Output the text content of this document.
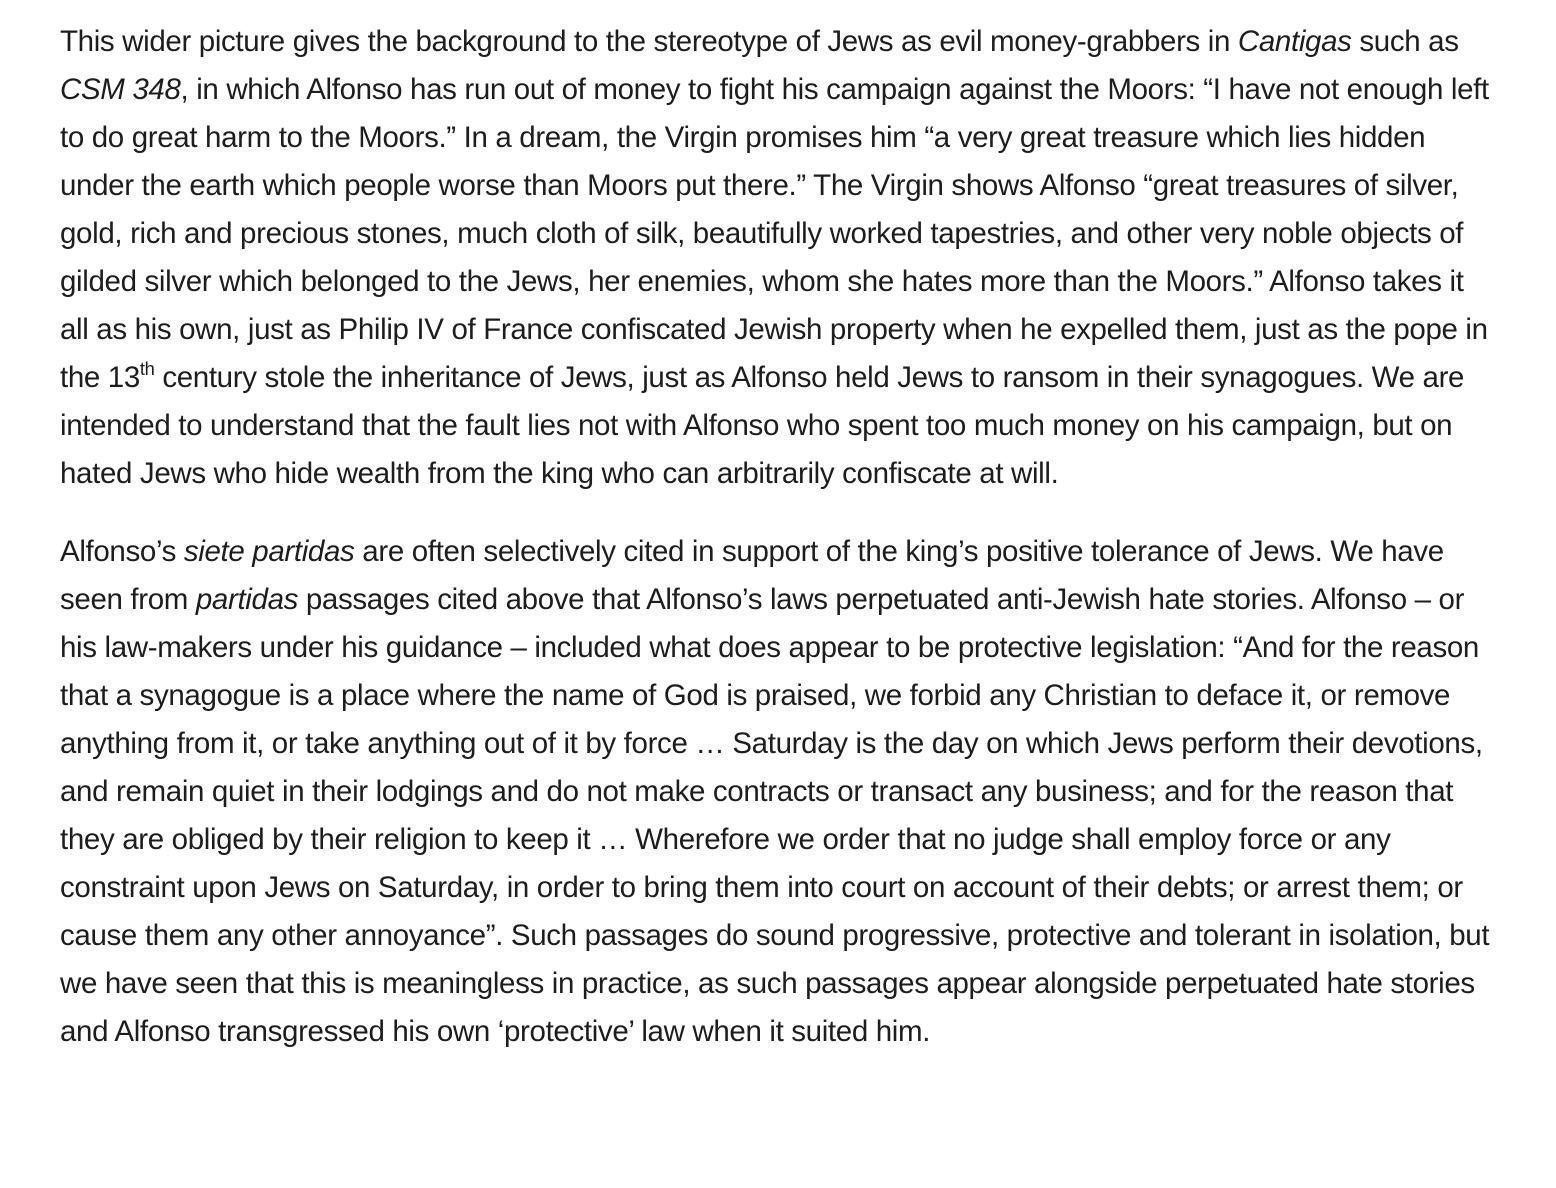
This wider picture gives the background to the stereotype of Jews as evil money-grabbers in Cantigas such as CSM 348, in which Alfonso has run out of money to fight his campaign against the Moors: “I have not enough left to do great harm to the Moors.” In a dream, the Virgin promises him “a very great treasure which lies hidden under the earth which people worse than Moors put there.” The Virgin shows Alfonso “great treasures of silver, gold, rich and precious stones, much cloth of silk, beautifully worked tapestries, and other very noble objects of gilded silver which belonged to the Jews, her enemies, whom she hates more than the Moors.” Alfonso takes it all as his own, just as Philip IV of France confiscated Jewish property when he expelled them, just as the pope in the 13th century stole the inheritance of Jews, just as Alfonso held Jews to ransom in their synagogues. We are intended to understand that the fault lies not with Alfonso who spent too much money on his campaign, but on hated Jews who hide wealth from the king who can arbitrarily confiscate at will.

Alfonso’s siete partidas are often selectively cited in support of the king’s positive tolerance of Jews. We have seen from partidas passages cited above that Alfonso’s laws perpetuated anti-Jewish hate stories. Alfonso – or his law-makers under his guidance – included what does appear to be protective legislation: “And for the reason that a synagogue is a place where the name of God is praised, we forbid any Christian to deface it, or remove anything from it, or take anything out of it by force … Saturday is the day on which Jews perform their devotions, and remain quiet in their lodgings and do not make contracts or transact any business; and for the reason that they are obliged by their religion to keep it … Wherefore we order that no judge shall employ force or any constraint upon Jews on Saturday, in order to bring them into court on account of their debts; or arrest them; or cause them any other annoyance”. Such passages do sound progressive, protective and tolerant in isolation, but we have seen that this is meaningless in practice, as such passages appear alongside perpetuated hate stories and Alfonso transgressed his own ‘protective’ law when it suited him.
